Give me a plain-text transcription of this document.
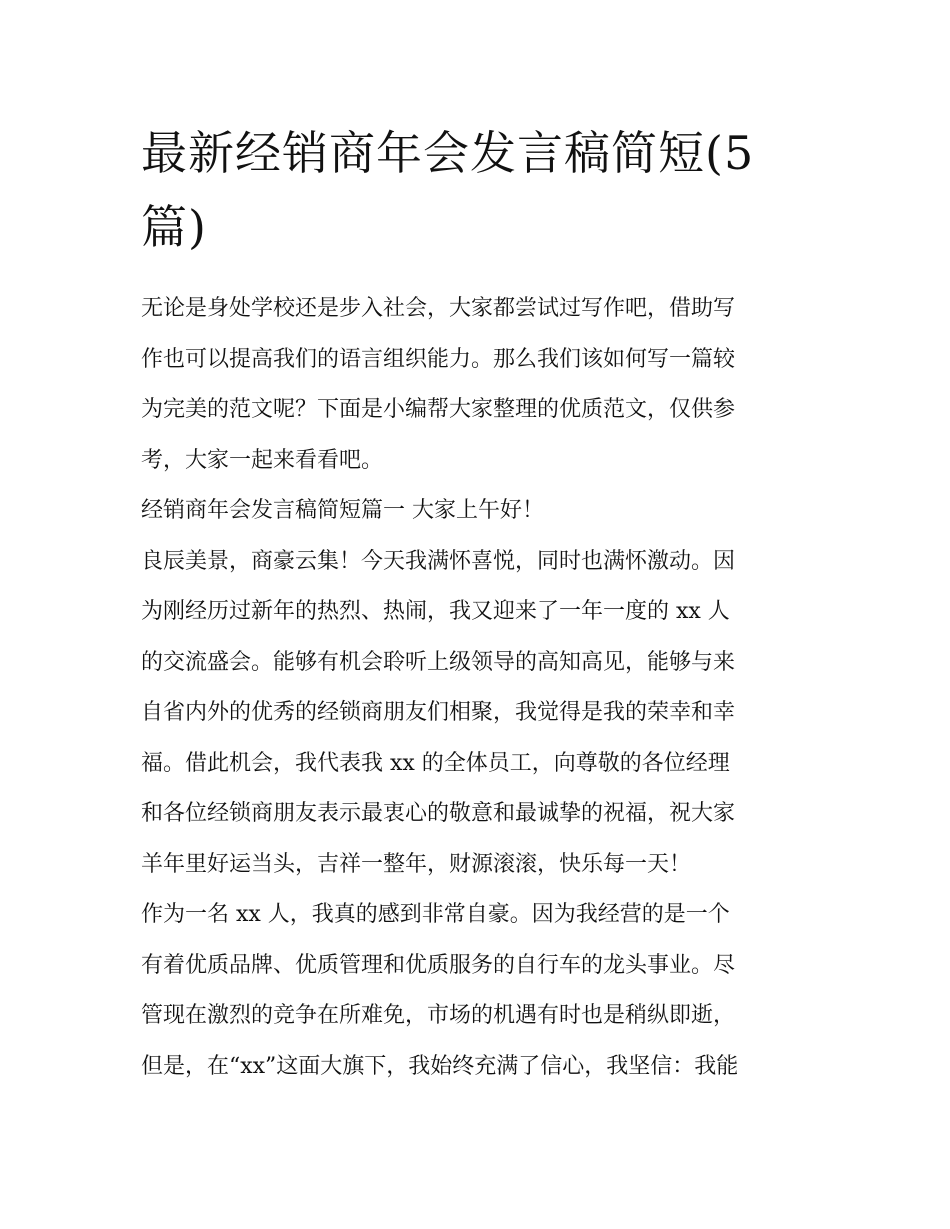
最新经销商年会发言稿简短(5
篇)
无论是身处学校还是步入社会，大家都尝试过写作吧，借助写
作也可以提高我们的语言组织能力。那么我们该如何写一篇较
为完美的范文呢？下面是小编帮大家整理的优质范文，仅供参
考，大家一起来看看吧。
经销商年会发言稿简短篇一 大家上午好！
良辰美景，商豪云集！今天我满怀喜悦，同时也满怀激动。因
为刚经历过新年的热烈、热闹，我又迎来了一年一度的 xx 人
的交流盛会。能够有机会聆听上级领导的高知高见，能够与来
自省内外的优秀的经锁商朋友们相聚，我觉得是我的荣幸和幸
福。借此机会，我代表我 xx 的全体员工，向尊敬的各位经理
和各位经锁商朋友表示最衷心的敬意和最诚挚的祝福，祝大家
羊年里好运当头，吉祥一整年，财源滚滚，快乐每一天！
作为一名 xx 人，我真的感到非常自豪。因为我经营的是一个
有着优质品牌、优质管理和优质服务的自行车的龙头事业。尽
管现在激烈的竞争在所难免，市场的机遇有时也是稍纵即逝，
但是，在“xx”这面大旗下，我始终充满了信心，我坚信：我能
